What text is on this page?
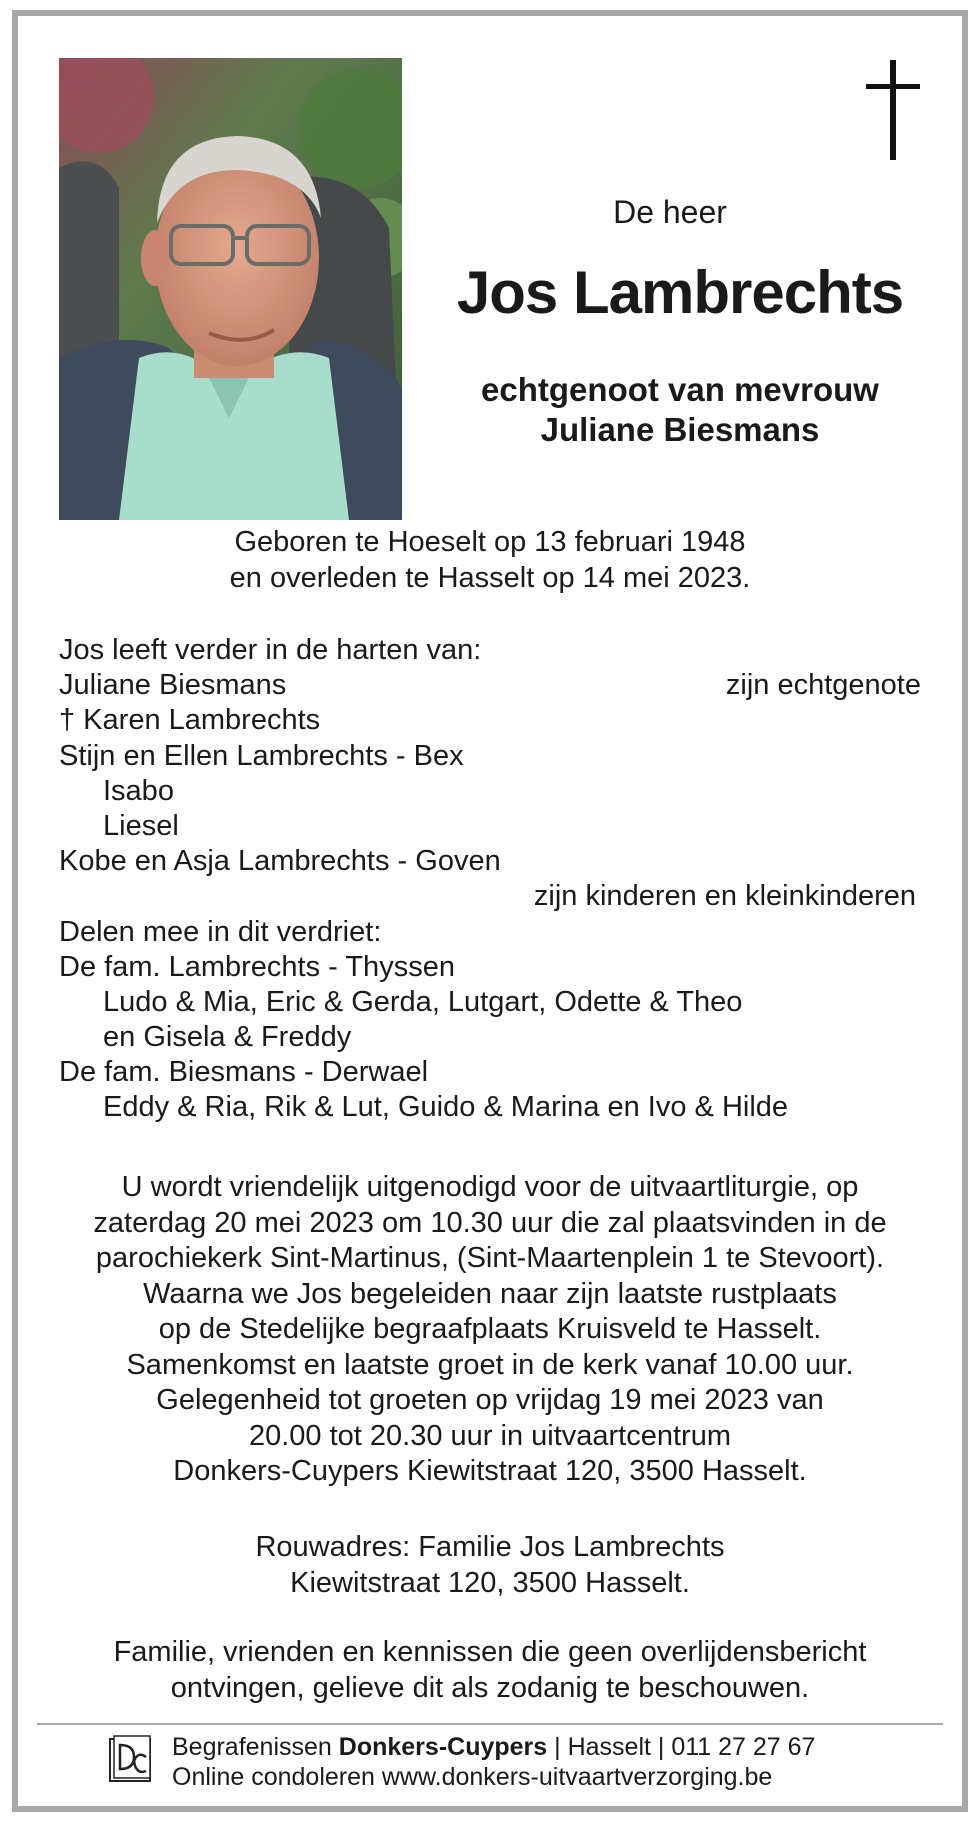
De heer
Jos Lambrechts
echtgenoot van mevrouw
Juliane Biesmans
Geboren te Hoeselt op 13 februari 1948
en overleden te Hasselt op 14 mei 2023.
Jos leeft verder in de harten van:
Juliane Biesmans	zijn echtgenote
† Karen Lambrechts
Stijn en Ellen Lambrechts - Bex
Isabo
Liesel
Kobe en Asja Lambrechts - Goven
zijn kinderen en kleinkinderen
Delen mee in dit verdriet:
De fam. Lambrechts - Thyssen
Ludo & Mia, Eric & Gerda, Lutgart, Odette & Theo
en Gisela & Freddy
De fam. Biesmans - Derwael
Eddy & Ria, Rik & Lut, Guido & Marina en Ivo & Hilde
U wordt vriendelijk uitgenodigd voor de uitvaartliturgie, op
zaterdag 20 mei 2023 om 10.30 uur die zal plaatsvinden in de
parochiekerk Sint-Martinus, (Sint-Maartenplein 1 te Stevoort).
Waarna we Jos begeleiden naar zijn laatste rustplaats
op de Stedelijke begraafplaats Kruisveld te Hasselt.
Samenkomst en laatste groet in de kerk vanaf 10.00 uur.
Gelegenheid tot groeten op vrijdag 19 mei 2023 van
20.00 tot 20.30 uur in uitvaartcentrum
Donkers-Cuypers Kiewitstraat 120, 3500 Hasselt.
Rouwadres: Familie Jos Lambrechts
Kiewitstraat 120, 3500 Hasselt.
Familie, vrienden en kennissen die geen overlijdensbericht
ontvingen, gelieve dit als zodanig te beschouwen.
Begrafenissen Donkers-Cuypers | Hasselt | 011 27 27 67
Online condoleren www.donkers-uitvaartverzorging.be
